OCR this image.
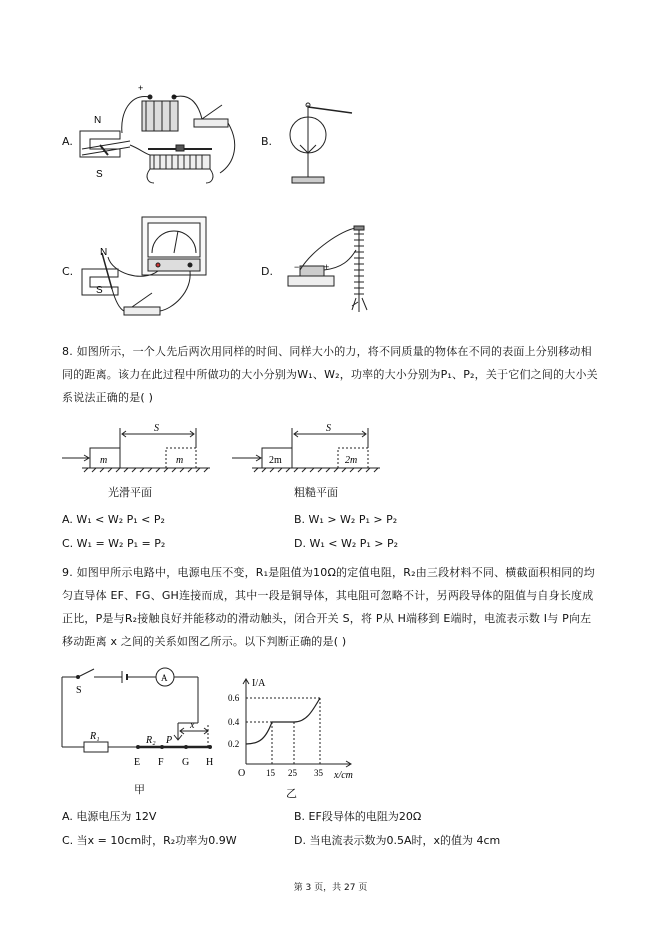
A.	B.
C.	D.
N
S
+
−
N
S
−	+
8. 如图所示，一个人先后两次用同样的时间、同样大小的力，将不同质量的物体在不同的表面上分别移动相同的距离。该力在此过程中所做功的大小分别为W₁、W₂，功率的大小分别为P₁、P₂，关于它们之间的大小关系说法正确的是( )
m	m
S
光滑平面
2m	2m
S
粗糙平面
A. W₁ < W₂ P₁ < P₂	B. W₁ > W₂ P₁ > P₂
C. W₁ = W₂ P₁ = P₂	D. W₁ < W₂ P₁ > P₂
9. 如图甲所示电路中，电源电压不变，R₁是阻值为10Ω的定值电阻，R₂由三段材料不同、横截面积相同的均匀直导体 EF、FG、GH连接而成，其中一段是铜导体，其电阻可忽略不计，另两段导体的阻值与自身长度成正比，P是与R₂接触良好并能移动的滑动触头，闭合开关 S，将 P从 H端移到 E端时，电流表示数 I与 P向左移动距离 x 之间的关系如图乙所示。以下判断正确的是( )
S
A
R₁	R₂ P
x
E F G H
甲
I/A
x/cm
O
0.6
0.4
0.2
15 25 35
乙
A. 电源电压为 12V	B. EF段导体的电阻为20Ω
C. 当x = 10cm时，R₂功率为0.9W	D. 当电流表示数为0.5A时，x的值为 4cm
第 3 页，共 27 页
